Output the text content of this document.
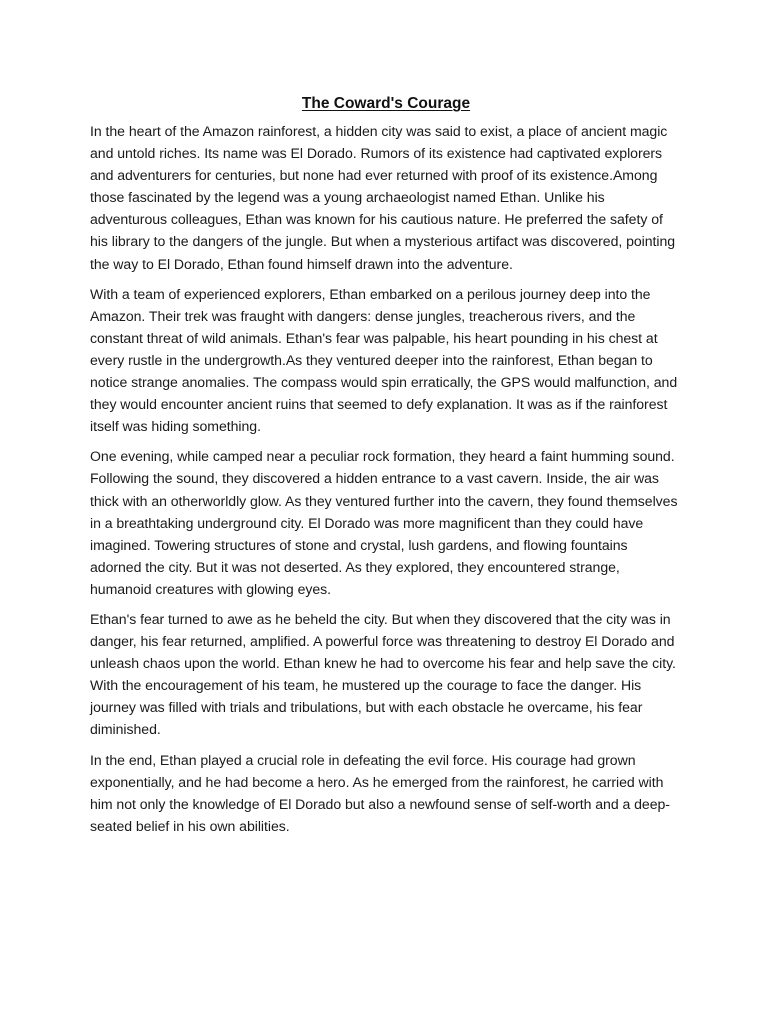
The Coward's Courage

In the heart of the Amazon rainforest, a hidden city was said to exist, a place of ancient magic and untold riches. Its name was El Dorado. Rumors of its existence had captivated explorers and adventurers for centuries, but none had ever returned with proof of its existence.Among those fascinated by the legend was a young archaeologist named Ethan. Unlike his adventurous colleagues, Ethan was known for his cautious nature. He preferred the safety of his library to the dangers of the jungle. But when a mysterious artifact was discovered, pointing the way to El Dorado, Ethan found himself drawn into the adventure.

With a team of experienced explorers, Ethan embarked on a perilous journey deep into the Amazon. Their trek was fraught with dangers: dense jungles, treacherous rivers, and the constant threat of wild animals. Ethan's fear was palpable, his heart pounding in his chest at every rustle in the undergrowth.As they ventured deeper into the rainforest, Ethan began to notice strange anomalies. The compass would spin erratically, the GPS would malfunction, and they would encounter ancient ruins that seemed to defy explanation. It was as if the rainforest itself was hiding something.

One evening, while camped near a peculiar rock formation, they heard a faint humming sound. Following the sound, they discovered a hidden entrance to a vast cavern. Inside, the air was thick with an otherworldly glow. As they ventured further into the cavern, they found themselves in a breathtaking underground city. El Dorado was more magnificent than they could have imagined. Towering structures of stone and crystal, lush gardens, and flowing fountains adorned the city. But it was not deserted. As they explored, they encountered strange, humanoid creatures with glowing eyes.

Ethan's fear turned to awe as he beheld the city. But when they discovered that the city was in danger, his fear returned, amplified. A powerful force was threatening to destroy El Dorado and unleash chaos upon the world. Ethan knew he had to overcome his fear and help save the city. With the encouragement of his team, he mustered up the courage to face the danger. His journey was filled with trials and tribulations, but with each obstacle he overcame, his fear diminished.

In the end, Ethan played a crucial role in defeating the evil force. His courage had grown exponentially, and he had become a hero. As he emerged from the rainforest, he carried with him not only the knowledge of El Dorado but also a newfound sense of self-worth and a deep-seated belief in his own abilities.
